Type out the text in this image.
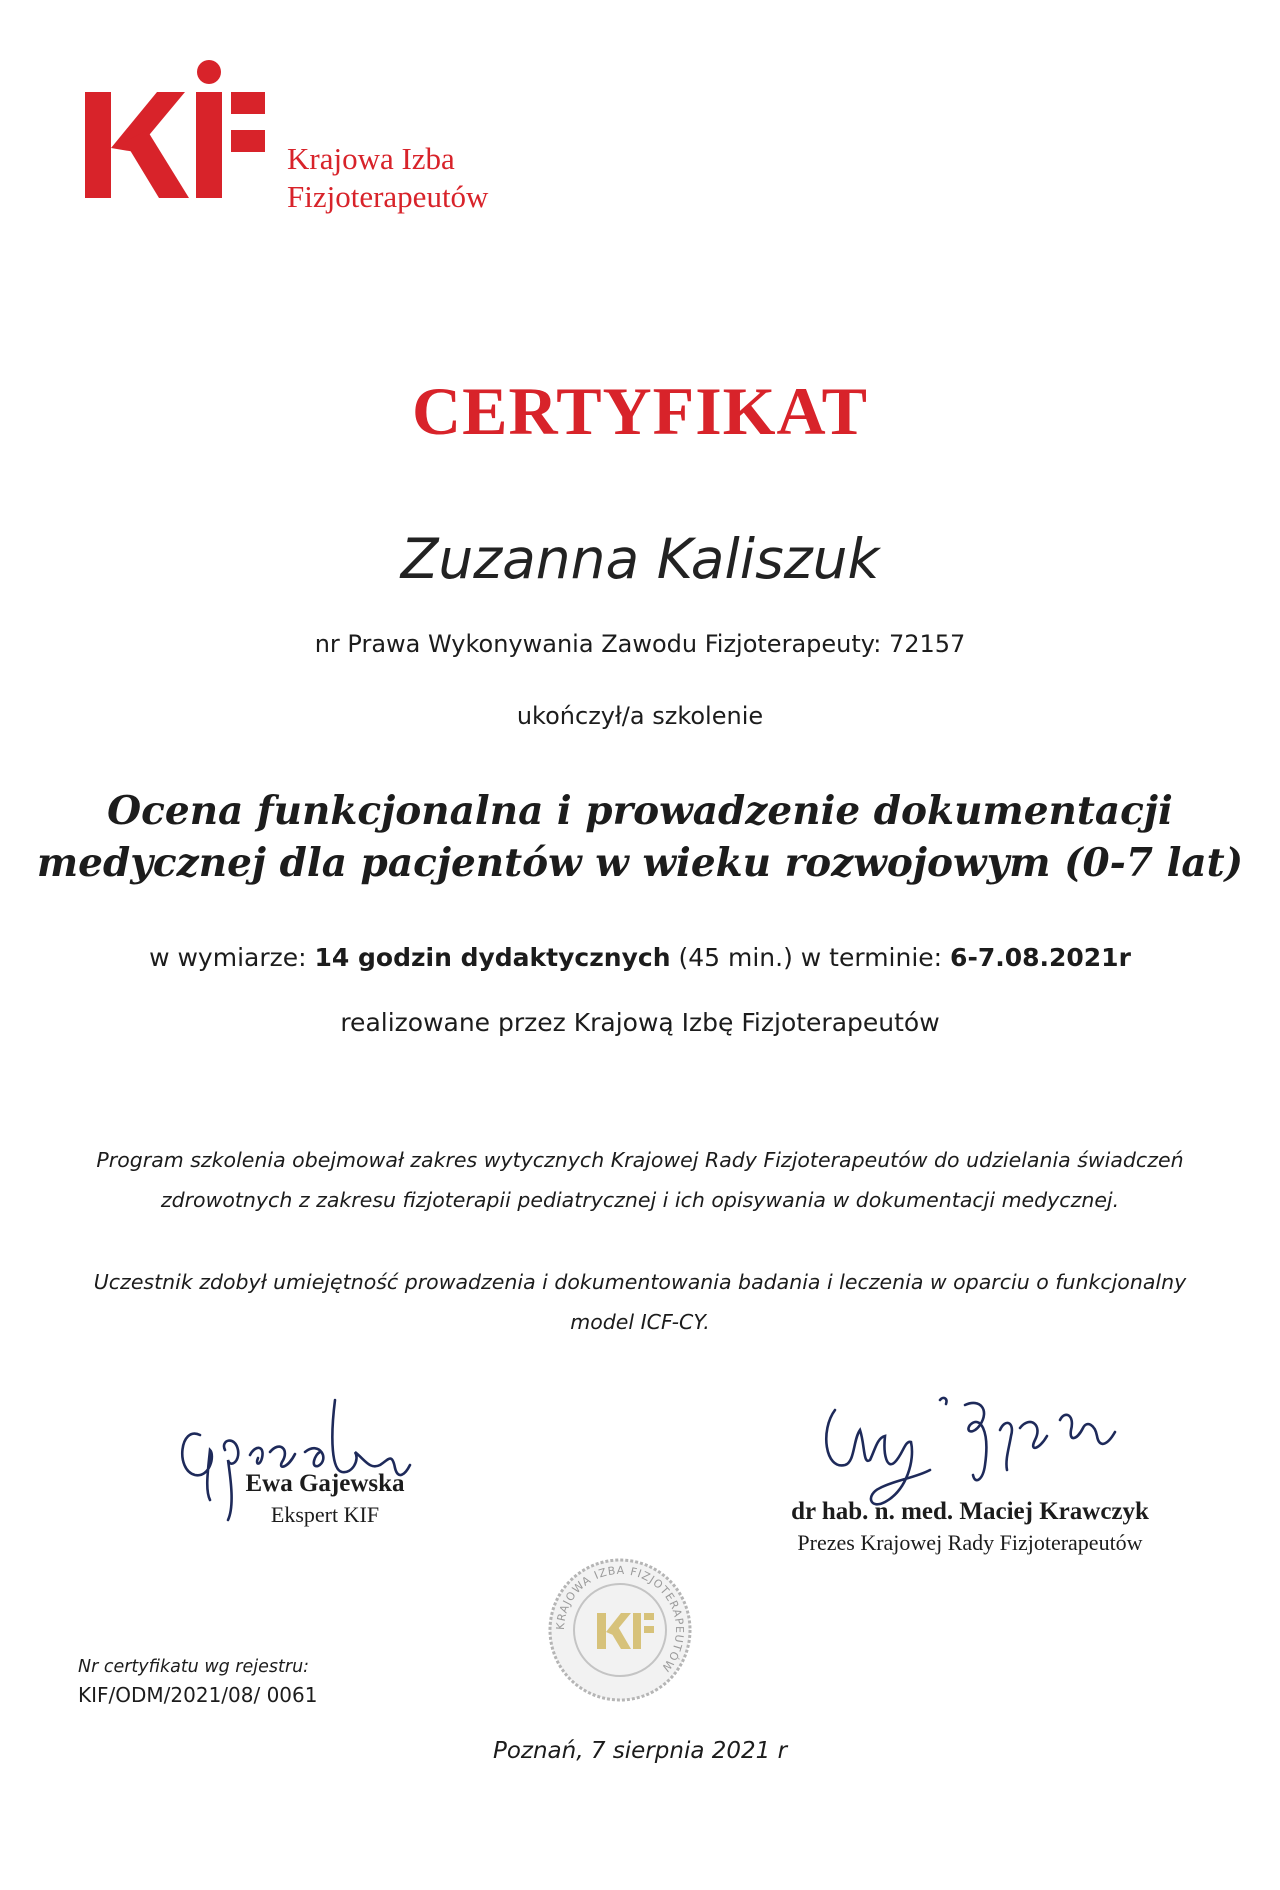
Krajowa Izba
Fizjoterapeutów
CERTYFIKAT
Zuzanna Kaliszuk
nr Prawa Wykonywania Zawodu Fizjoterapeuty: 72157
ukończył/a szkolenie
Ocena funkcjonalna i prowadzenie dokumentacji
medycznej dla pacjentów w wieku rozwojowym (0-7 lat)
w wymiarze: 14 godzin dydaktycznych (45 min.) w terminie: 6-7.08.2021r
realizowane przez Krajową Izbę Fizjoterapeutów
Program szkolenia obejmował zakres wytycznych Krajowej Rady Fizjoterapeutów do udzielania świadczeń
zdrowotnych z zakresu fizjoterapii pediatrycznej i ich opisywania w dokumentacji medycznej.
Uczestnik zdobył umiejętność prowadzenia i dokumentowania badania i leczenia w oparciu o funkcjonalny
model ICF-CY.
Ewa Gajewska
Ekspert KIF	dr hab. n. med. Maciej Krawczyk
Prezes Krajowej Rady Fizjoterapeutów
KRAJOWA IZBA FIZJOTERAPEUTÓW
Nr certyfikatu wg rejestru:
KIF/ODM/2021/08/ 0061
Poznań, 7 sierpnia 2021 r
